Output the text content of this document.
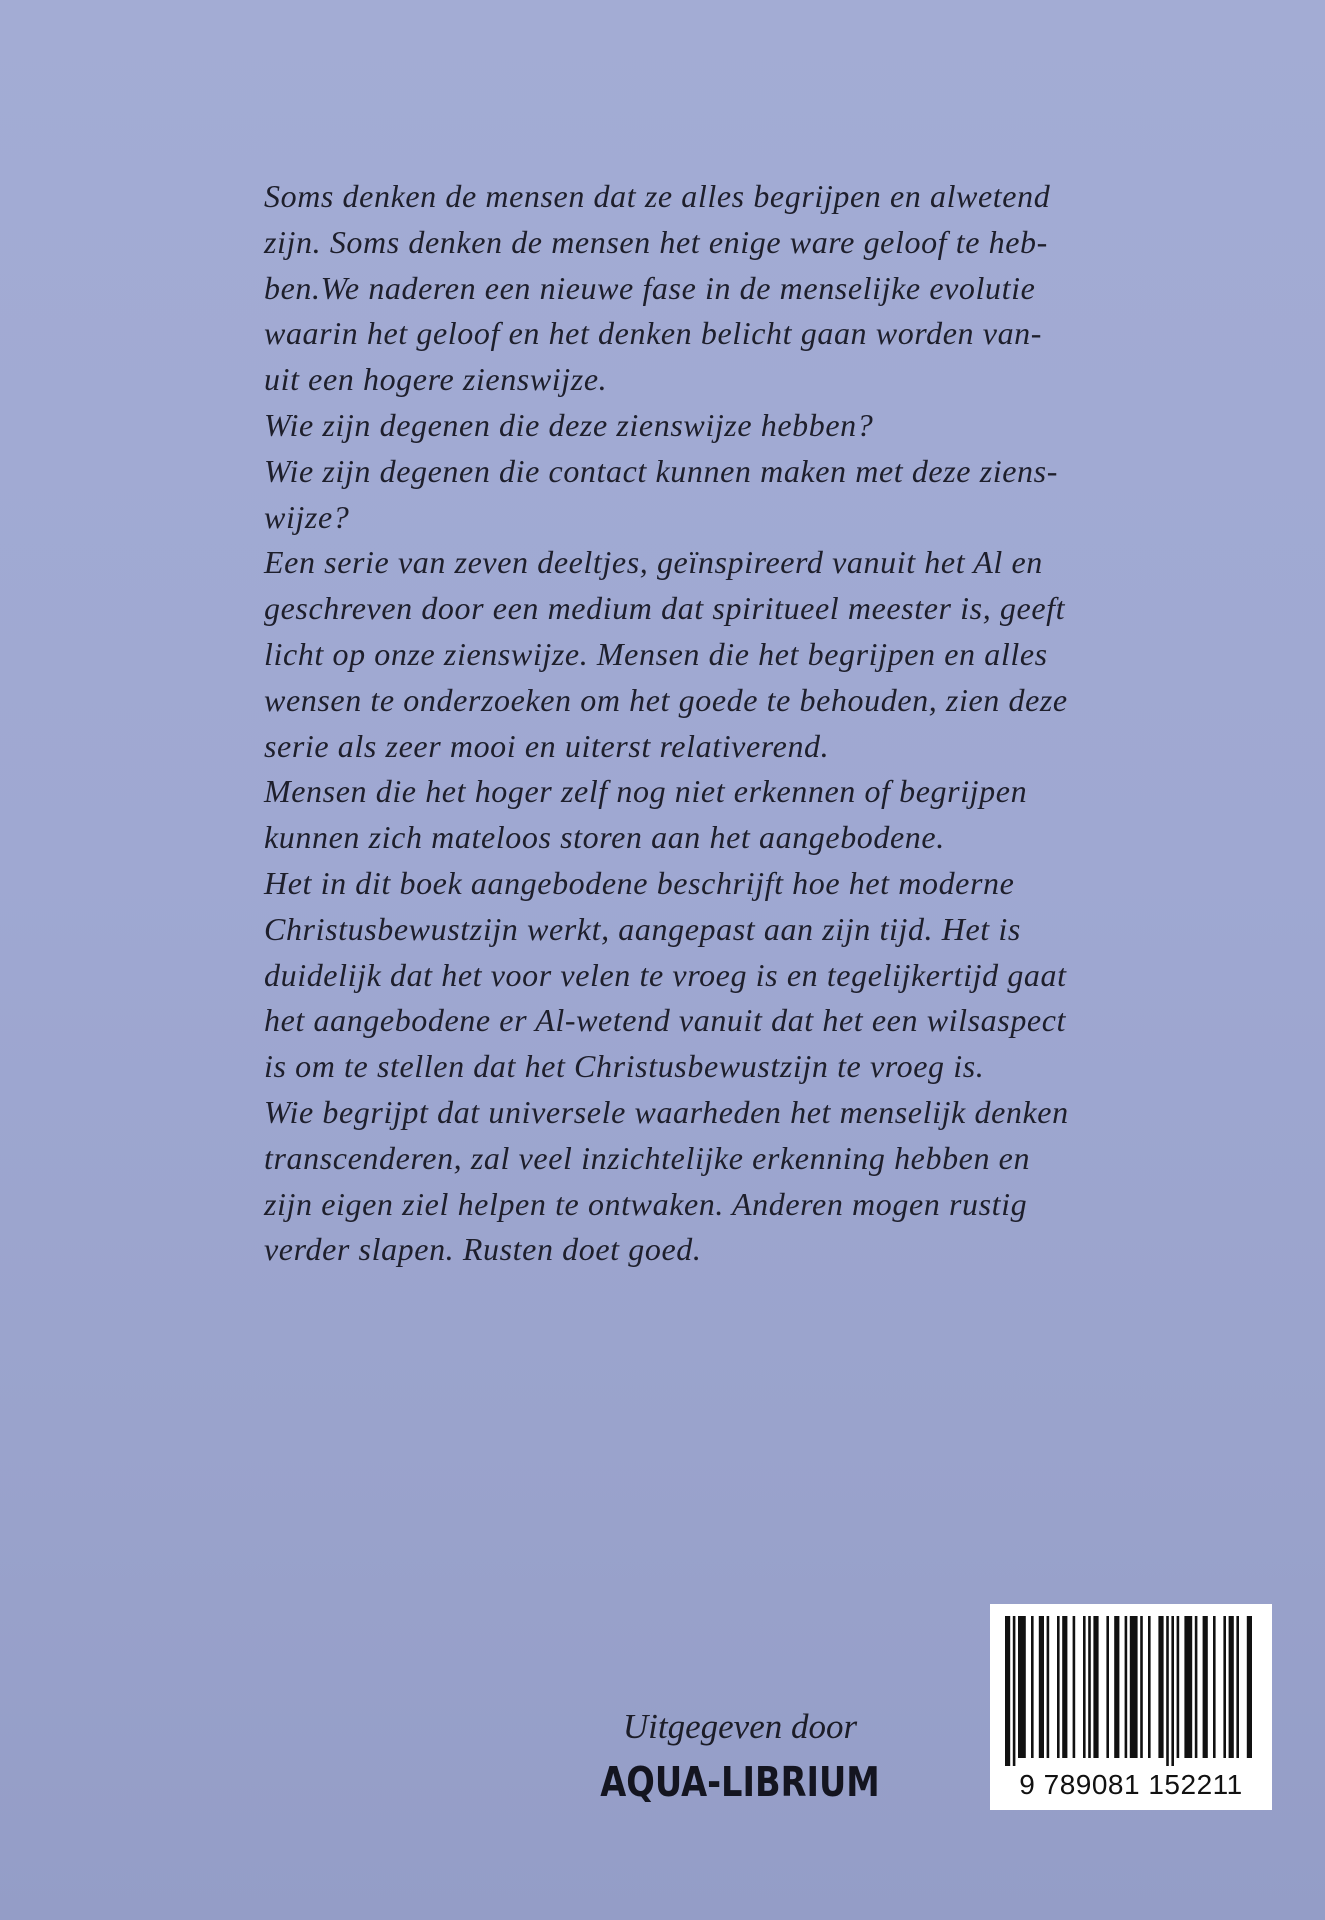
Soms denken de mensen dat ze alles begrijpen en alwetend
zijn. Soms denken de mensen het enige ware geloof te heb-
ben.We naderen een nieuwe fase in de menselijke evolutie
waarin het geloof en het denken belicht gaan worden van-
uit een hogere zienswijze.
Wie zijn degenen die deze zienswijze hebben?
Wie zijn degenen die contact kunnen maken met deze ziens-
wijze?
Een serie van zeven deeltjes, geïnspireerd vanuit het Al en
geschreven door een medium dat spiritueel meester is, geeft
licht op onze zienswijze. Mensen die het begrijpen en alles
wensen te onderzoeken om het goede te behouden, zien deze
serie als zeer mooi en uiterst relativerend.
Mensen die het hoger zelf nog niet erkennen of begrijpen
kunnen zich mateloos storen aan het aangebodene.
Het in dit boek aangebodene beschrijft hoe het moderne
Christusbewustzijn werkt, aangepast aan zijn tijd. Het is
duidelijk dat het voor velen te vroeg is en tegelijkertijd gaat
het aangebodene er Al-wetend vanuit dat het een wilsaspect
is om te stellen dat het Christusbewustzijn te vroeg is.
Wie begrijpt dat universele waarheden het menselijk denken
transcenderen, zal veel inzichtelijke erkenning hebben en
zijn eigen ziel helpen te ontwaken. Anderen mogen rustig
verder slapen. Rusten doet goed.
Uitgegeven door
AQUA-LIBRIUM	9 789081 152211
